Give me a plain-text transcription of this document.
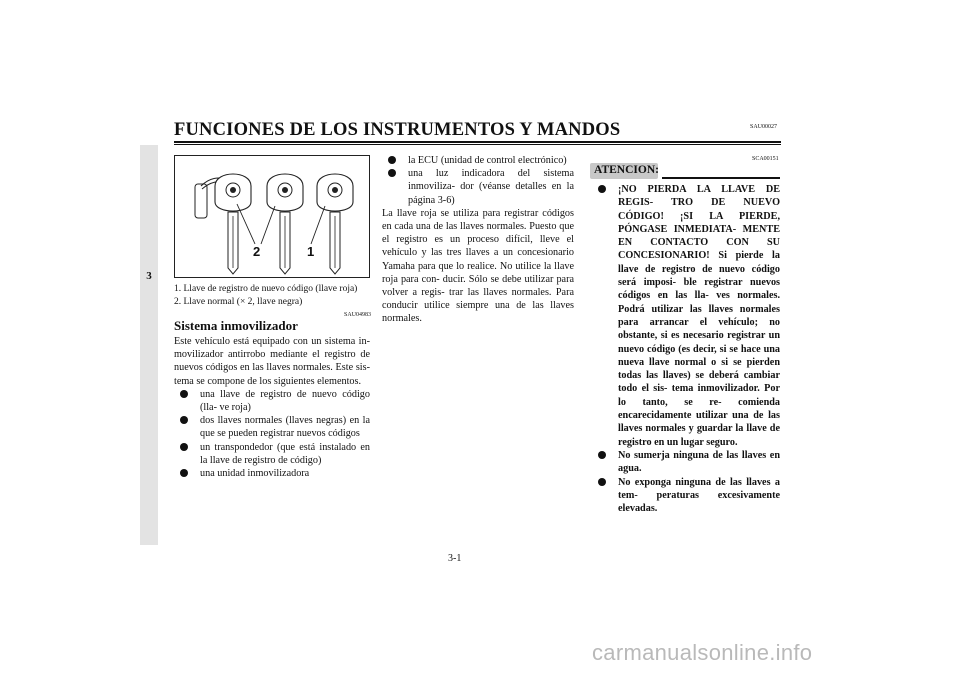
FUNCIONES DE LOS INSTRUMENTOS Y MANDOS	SAU00027
3
2	1
1. Llave de registro de nuevo código (llave roja)
2. Llave normal (× 2, llave negra)
SAU04983
Sistema inmovilizador
Este vehículo está equipado con un sistema in- movilizador antirrobo mediante el registro de nuevos códigos en las llaves normales. Este sis- tema se compone de los siguientes elementos.
una llave de registro de nuevo código (lla- ve roja)
dos llaves normales (llaves negras) en la que se pueden registrar nuevos códigos
un transpondedor (que está instalado en la llave de registro de código)
una unidad inmovilizadora
la ECU (unidad de control electrónico)
una luz indicadora del sistema inmoviliza- dor (véanse detalles en la página 3-6)
La llave roja se utiliza para registrar códigos en cada una de las llaves normales. Puesto que el registro es un proceso difícil, lleve el vehículo y las tres llaves a un concesionario Yamaha para que lo realice. No utilice la llave roja para con- ducir. Sólo se debe utilizar para volver a regis- trar las llaves normales. Para conducir utilice siempre una de las llaves normales.
SCA00151
ATENCION:
¡NO PIERDA LA LLAVE DE REGIS- TRO DE NUEVO CÓDIGO! ¡SI LA PIERDE, PÓNGASE INMEDIATA- MENTE EN CONTACTO CON SU CONCESIONARIO! Si pierde la llave de registro de nuevo código será imposi- ble registrar nuevos códigos en las lla- ves normales. Podrá utilizar las llaves normales para arrancar el vehículo; no obstante, si es necesario registrar un nuevo código (es decir, si se hace una nueva llave normal o si se pierden todas las llaves) se deberá cambiar todo el sis- tema inmovilizador. Por lo tanto, se re- comienda encarecidamente utilizar una de las llaves normales y guardar la llave de registro en un lugar seguro.
No sumerja ninguna de las llaves en agua.
No exponga ninguna de las llaves a tem- peraturas excesivamente elevadas.
3-1
carmanualsonline.info
